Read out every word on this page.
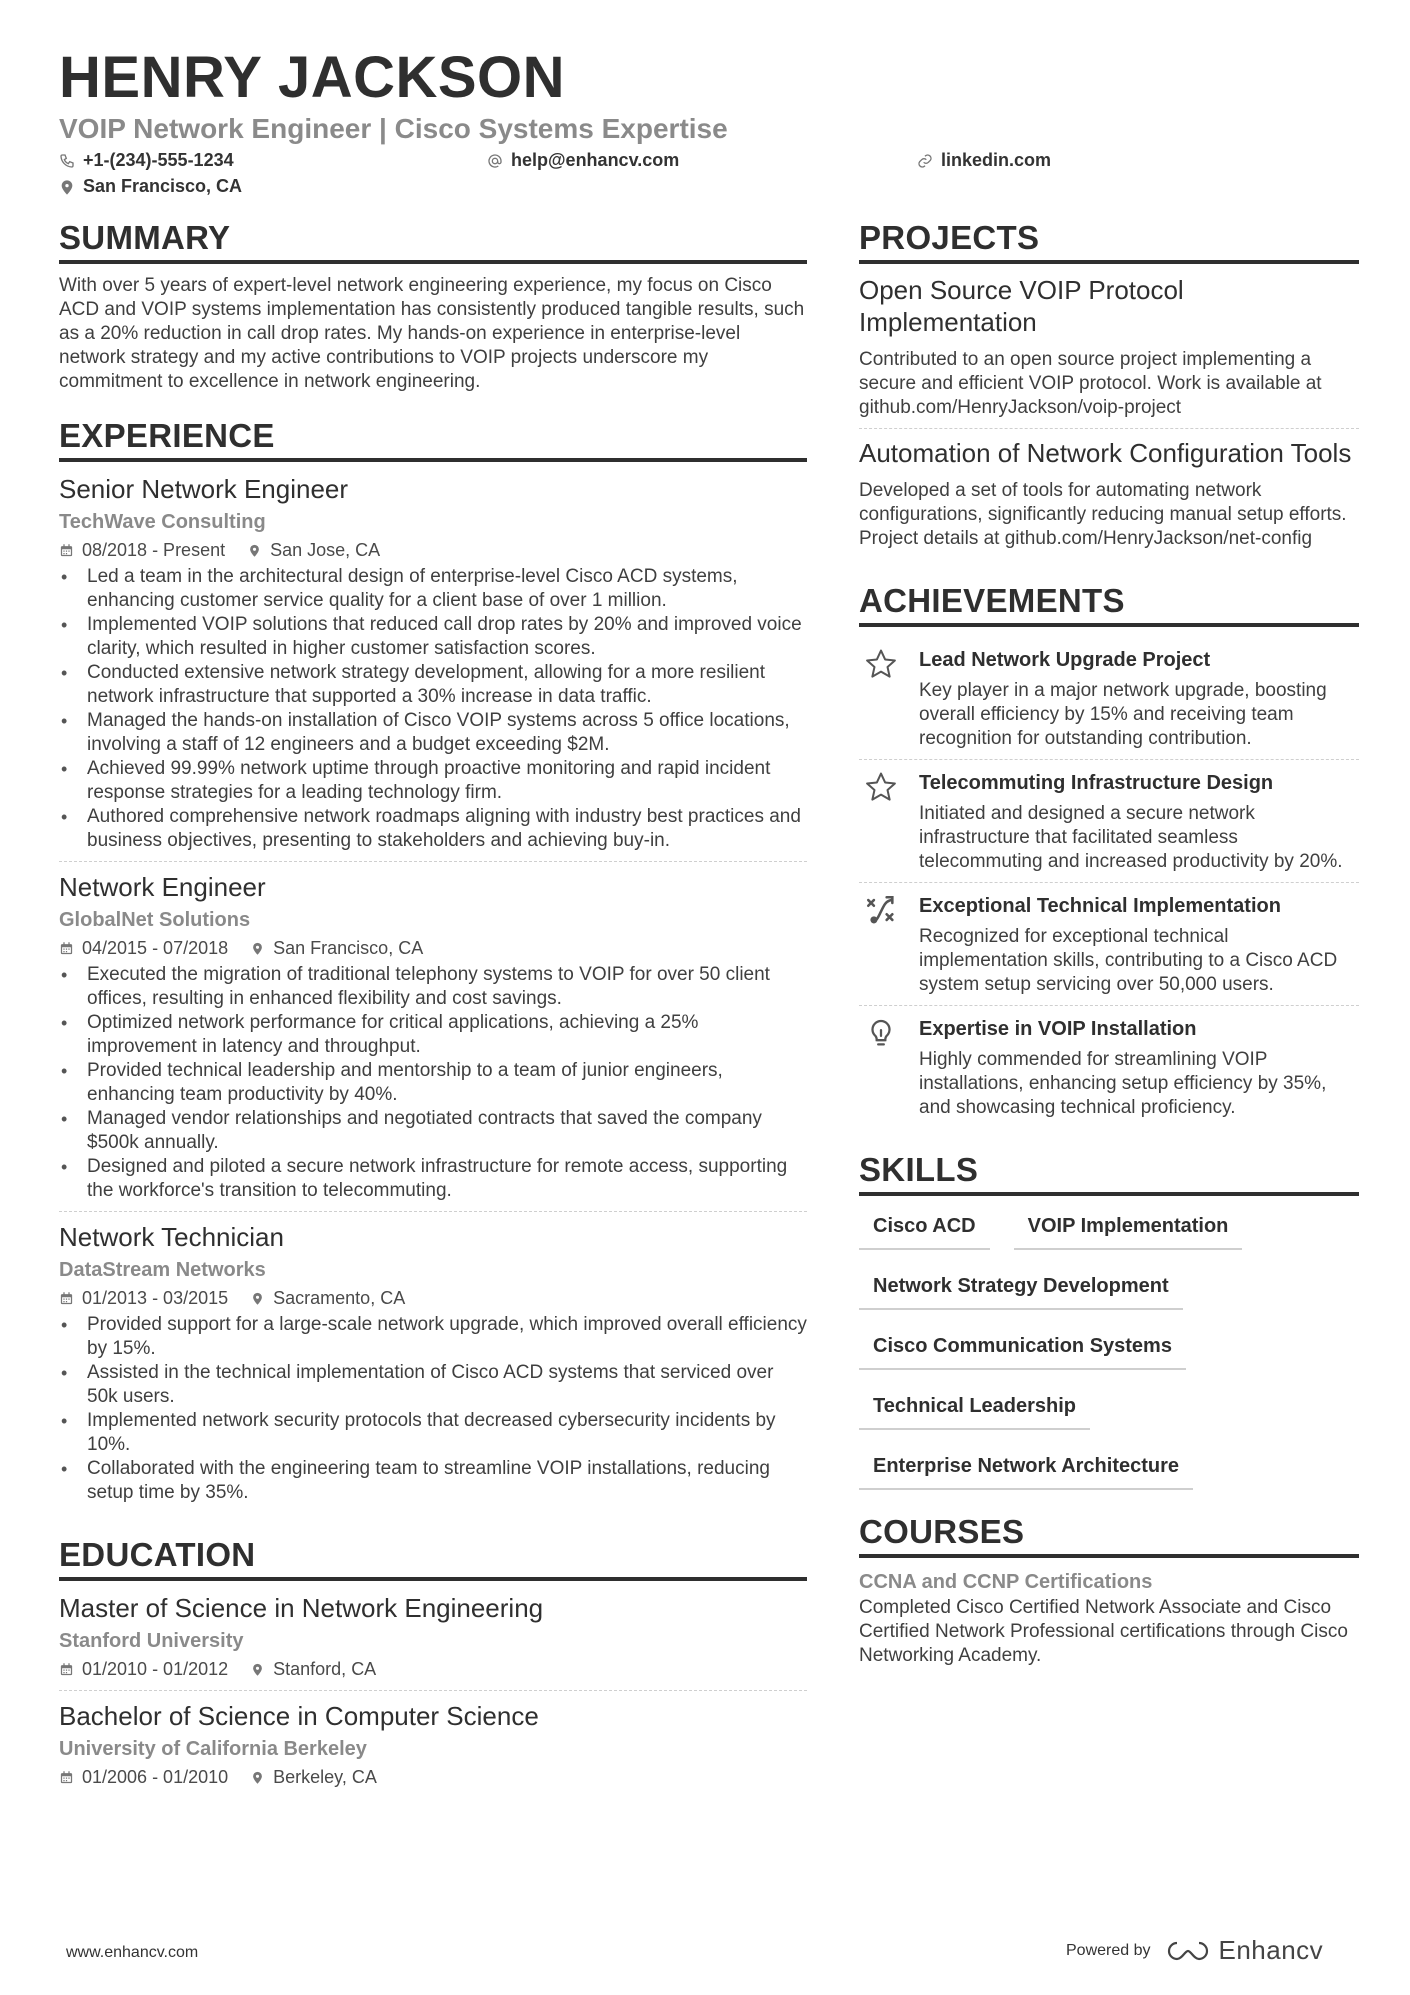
HENRY JACKSON
VOIP Network Engineer | Cisco Systems Expertise
+1-(234)-555-1234	help@enhancv.com	linkedin.com
San Francisco, CA
SUMMARY
With over 5 years of expert-level network engineering experience, my focus on Cisco ACD and VOIP systems implementation has consistently produced tangible results, such as a 20% reduction in call drop rates. My hands-on experience in enterprise-level network strategy and my active contributions to VOIP projects underscore my commitment to excellence in network engineering.
EXPERIENCE
Senior Network Engineer
TechWave Consulting
08/2018 - Present	San Jose, CA
• Led a team in the architectural design of enterprise-level Cisco ACD systems, enhancing customer service quality for a client base of over 1 million.
• Implemented VOIP solutions that reduced call drop rates by 20% and improved voice clarity, which resulted in higher customer satisfaction scores.
• Conducted extensive network strategy development, allowing for a more resilient network infrastructure that supported a 30% increase in data traffic.
• Managed the hands-on installation of Cisco VOIP systems across 5 office locations, involving a staff of 12 engineers and a budget exceeding $2M.
• Achieved 99.99% network uptime through proactive monitoring and rapid incident response strategies for a leading technology firm.
• Authored comprehensive network roadmaps aligning with industry best practices and business objectives, presenting to stakeholders and achieving buy-in.
Network Engineer
GlobalNet Solutions
04/2015 - 07/2018	San Francisco, CA
• Executed the migration of traditional telephony systems to VOIP for over 50 client offices, resulting in enhanced flexibility and cost savings.
• Optimized network performance for critical applications, achieving a 25% improvement in latency and throughput.
• Provided technical leadership and mentorship to a team of junior engineers, enhancing team productivity by 40%.
• Managed vendor relationships and negotiated contracts that saved the company $500k annually.
• Designed and piloted a secure network infrastructure for remote access, supporting the workforce's transition to telecommuting.
Network Technician
DataStream Networks
01/2013 - 03/2015	Sacramento, CA
• Provided support for a large-scale network upgrade, which improved overall efficiency by 15%.
• Assisted in the technical implementation of Cisco ACD systems that serviced over 50k users.
• Implemented network security protocols that decreased cybersecurity incidents by 10%.
• Collaborated with the engineering team to streamline VOIP installations, reducing setup time by 35%.
EDUCATION
Master of Science in Network Engineering
Stanford University
01/2010 - 01/2012	Stanford, CA
Bachelor of Science in Computer Science
University of California Berkeley
01/2006 - 01/2010	Berkeley, CA
PROJECTS
Open Source VOIP Protocol Implementation
Contributed to an open source project implementing a secure and efficient VOIP protocol. Work is available at github.com/HenryJackson/voip-project
Automation of Network Configuration Tools
Developed a set of tools for automating network configurations, significantly reducing manual setup efforts. Project details at github.com/HenryJackson/net-config
ACHIEVEMENTS
Lead Network Upgrade Project
Key player in a major network upgrade, boosting overall efficiency by 15% and receiving team recognition for outstanding contribution.
Telecommuting Infrastructure Design
Initiated and designed a secure network infrastructure that facilitated seamless telecommuting and increased productivity by 20%.
Exceptional Technical Implementation
Recognized for exceptional technical implementation skills, contributing to a Cisco ACD system setup servicing over 50,000 users.
Expertise in VOIP Installation
Highly commended for streamlining VOIP installations, enhancing setup efficiency by 35%, and showcasing technical proficiency.
SKILLS
Cisco ACD	VOIP Implementation
Network Strategy Development
Cisco Communication Systems
Technical Leadership
Enterprise Network Architecture
COURSES
CCNA and CCNP Certifications
Completed Cisco Certified Network Associate and Cisco Certified Network Professional certifications through Cisco Networking Academy.
www.enhancv.com	Powered by	Enhancv
